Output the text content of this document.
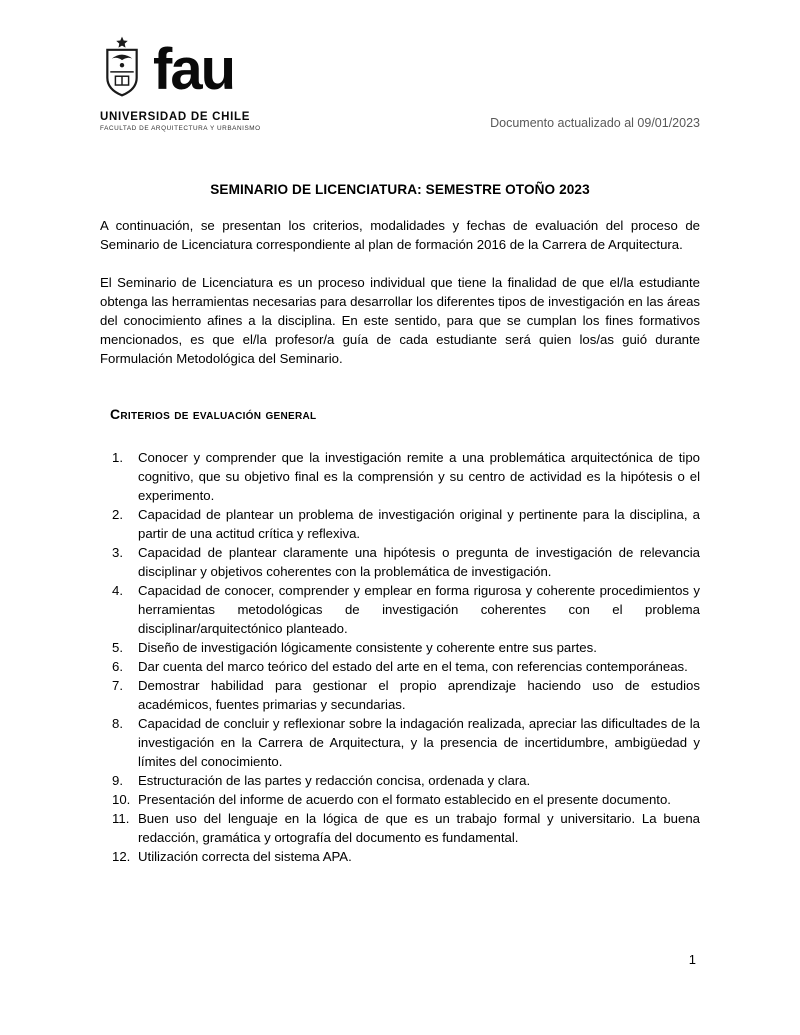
fau
UNIVERSIDAD DE CHILE
FACULTAD DE ARQUITECTURA Y URBANISMO	Documento actualizado al 09/01/2023
SEMINARIO DE LICENCIATURA: SEMESTRE OTOÑO 2023

A continuación, se presentan los criterios, modalidades y fechas de evaluación del proceso de Seminario de Licenciatura correspondiente al plan de formación 2016 de la Carrera de Arquitectura.

El Seminario de Licenciatura es un proceso individual que tiene la finalidad de que el/la estudiante obtenga las herramientas necesarias para desarrollar los diferentes tipos de investigación en las áreas del conocimiento afines a la disciplina. En este sentido, para que se cumplan los fines formativos mencionados, es que el/la profesor/a guía de cada estudiante será quien los/as guió durante Formulación Metodológica del Seminario.

Criterios de evaluación general
1.	Conocer y comprender que la investigación remite a una problemática arquitectónica de tipo cognitivo, que su objetivo final es la comprensión y su centro de actividad es la hipótesis o el experimento.
2.	Capacidad de plantear un problema de investigación original y pertinente para la disciplina, a partir de una actitud crítica y reflexiva.
3.	Capacidad de plantear claramente una hipótesis o pregunta de investigación de relevancia disciplinar y objetivos coherentes con la problemática de investigación.
4.	Capacidad de conocer, comprender y emplear en forma rigurosa y coherente procedimientos y herramientas metodológicas de investigación coherentes con el problema disciplinar/arquitectónico planteado.
5.	Diseño de investigación lógicamente consistente y coherente entre sus partes.
6.	Dar cuenta del marco teórico del estado del arte en el tema, con referencias contemporáneas.
7.	Demostrar habilidad para gestionar el propio aprendizaje haciendo uso de estudios académicos, fuentes primarias y secundarias.
8.	Capacidad de concluir y reflexionar sobre la indagación realizada, apreciar las dificultades de la investigación en la Carrera de Arquitectura, y la presencia de incertidumbre, ambigüedad y límites del conocimiento.
9.	Estructuración de las partes y redacción concisa, ordenada y clara.
10. Presentación del informe de acuerdo con el formato establecido en el presente documento.
11. Buen uso del lenguaje en la lógica de que es un trabajo formal y universitario. La buena redacción, gramática y ortografía del documento es fundamental.
12. Utilización correcta del sistema APA.
1
